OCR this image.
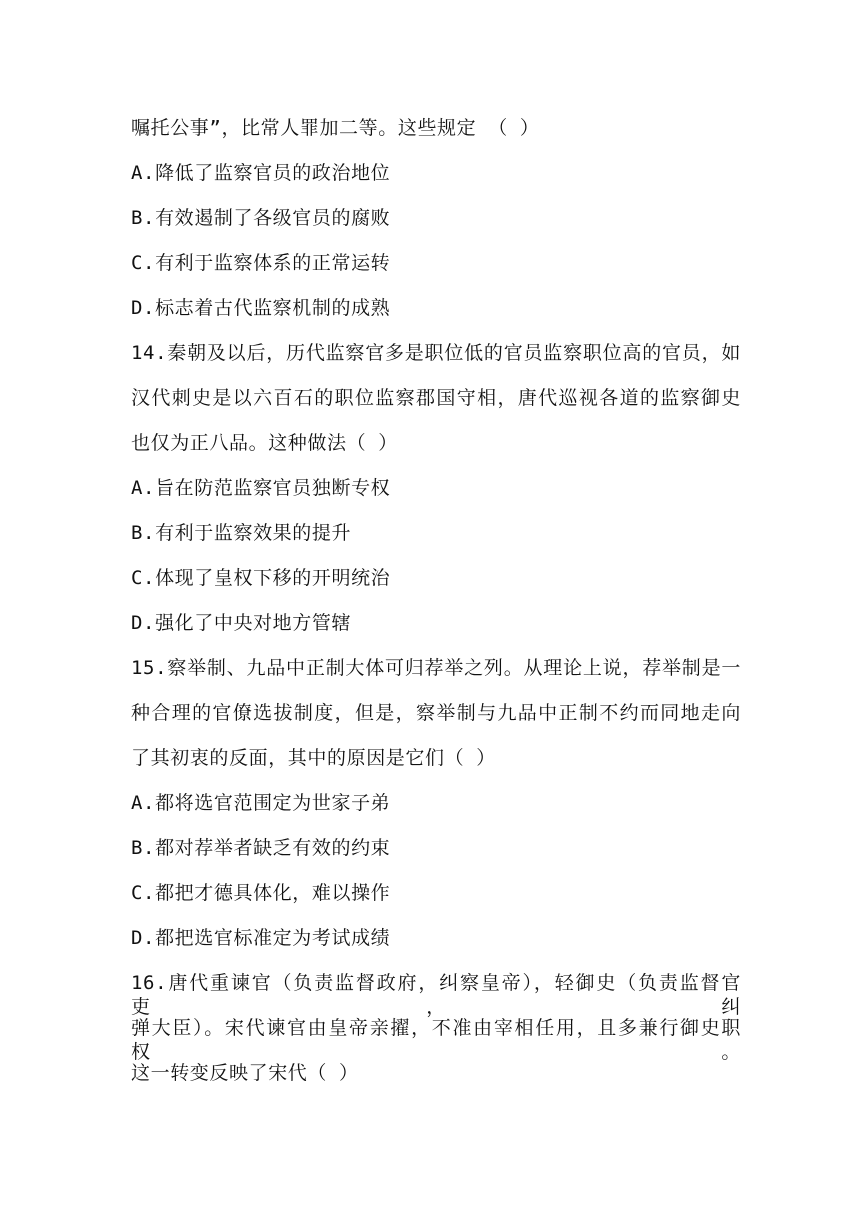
嘱托公事”，比常人罪加二等。这些规定 （ ）
A.降低了监察官员的政治地位
B.有效遏制了各级官员的腐败
C.有利于监察体系的正常运转
D.标志着古代监察机制的成熟
14.秦朝及以后，历代监察官多是职位低的官员监察职位高的官员，如
汉代刺史是以六百石的职位监察郡国守相，唐代巡视各道的监察御史
也仅为正八品。这种做法（ ）
A.旨在防范监察官员独断专权
B.有利于监察效果的提升
C.体现了皇权下移的开明统治
D.强化了中央对地方管辖
15.察举制、九品中正制大体可归荐举之列。从理论上说，荐举制是一
种合理的官僚选拔制度，但是，察举制与九品中正制不约而同地走向
了其初衷的反面，其中的原因是它们（ ）
A.都将选官范围定为世家子弟
B.都对荐举者缺乏有效的约束
C.都把才德具体化，难以操作
D.都把选官标准定为考试成绩
16.唐代重谏官（负责监督政府，纠察皇帝），轻御史（负责监督官吏，纠
弹大臣）。宋代谏官由皇帝亲擢，不准由宰相任用，且多兼行御史职权。
这一转变反映了宋代（ ）
